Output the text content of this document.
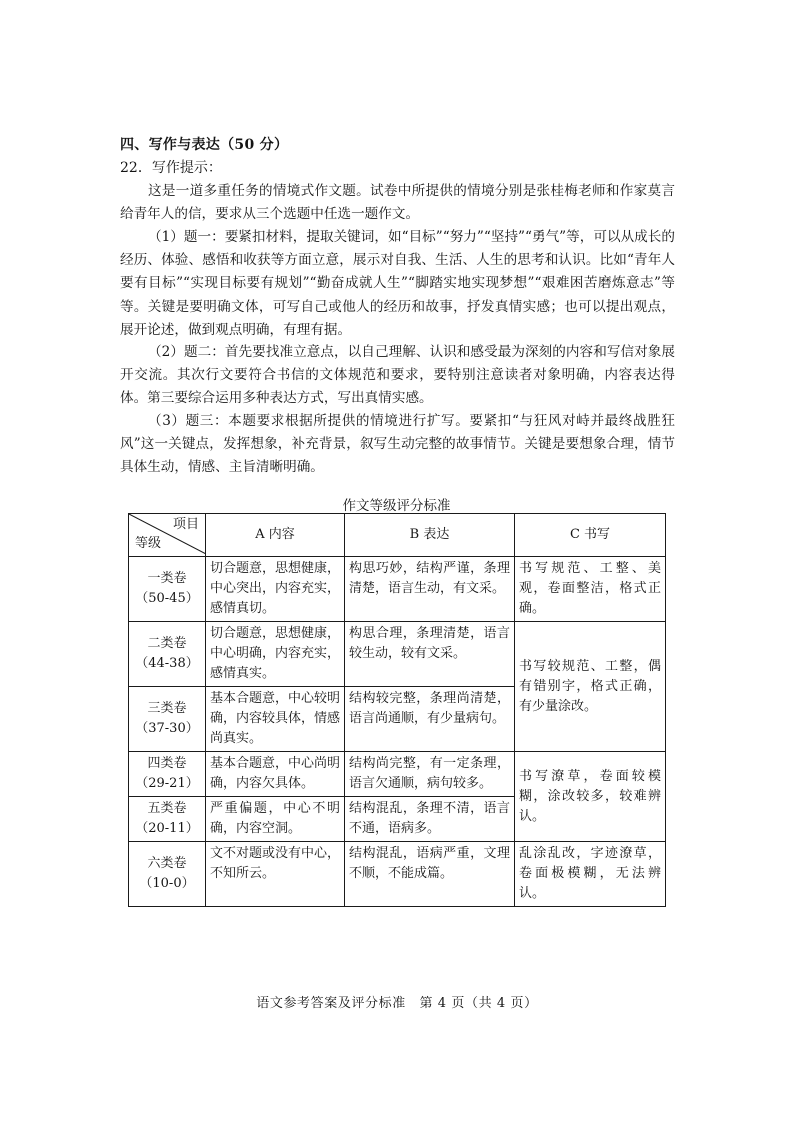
四、写作与表达（50 分）
22．写作提示：

这是一道多重任务的情境式作文题。试卷中所提供的情境分别是张桂梅老师和作家莫言给青年人的信，要求从三个选题中任选一题作文。

（1）题一：要紧扣材料，提取关键词，如“目标”“努力”“坚持”“勇气”等，可以从成长的经历、体验、感悟和收获等方面立意，展示对自我、生活、人生的思考和认识。比如“青年人要有目标”“实现目标要有规划”“勤奋成就人生”“脚踏实地实现梦想”“艰难困苦磨炼意志”等等。关键是要明确文体，可写自己或他人的经历和故事，抒发真情实感；也可以提出观点，展开论述，做到观点明确，有理有据。

（2）题二：首先要找准立意点，以自己理解、认识和感受最为深刻的内容和写信对象展开交流。其次行文要符合书信的文体规范和要求，要特别注意读者对象明确，内容表达得体。第三要综合运用多种表达方式，写出真情实感。

（3）题三：本题要求根据所提供的情境进行扩写。要紧扣“与狂风对峙并最终战胜狂风”这一关键点，发挥想象，补充背景，叙写生动完整的故事情节。关键是要想象合理，情节具体生动，情感、主旨清晰明确。

作文等级评分标准
项目
等级	A 内容	B 表达	C 书写

一类卷
（50-45）	切合题意，思想健康，中心突出，内容充实，感情真切。	构思巧妙，结构严谨，条理清楚，语言生动，有文采。	书写规范、工整、美观，卷面整洁，格式正确。

二类卷
（44-38）	切合题意，思想健康，中心明确，内容充实，感情真实。	构思合理，条理清楚，语言较生动，较有文采。	书写较规范、工整，偶有错别字，格式正确，有少量涂改。

三类卷
（37-30）	基本合题意，中心较明确，内容较具体，情感尚真实。	结构较完整，条理尚清楚，语言尚通顺，有少量病句。	

四类卷
（29-21）	基本合题意，中心尚明确，内容欠具体。	结构尚完整，有一定条理，语言欠通顺，病句较多。	书写潦草，卷面较模糊，涂改较多，较难辨认。

五类卷
（20-11）	严重偏题，中心不明确，内容空洞。	结构混乱，条理不清，语言不通，语病多。	

六类卷
（10-0）	文不对题或没有中心，不知所云。	结构混乱，语病严重，文理不顺，不能成篇。	乱涂乱改，字迹潦草，卷面极模糊，无法辨认。
语文参考答案及评分标准　第 4 页（共 4 页）
